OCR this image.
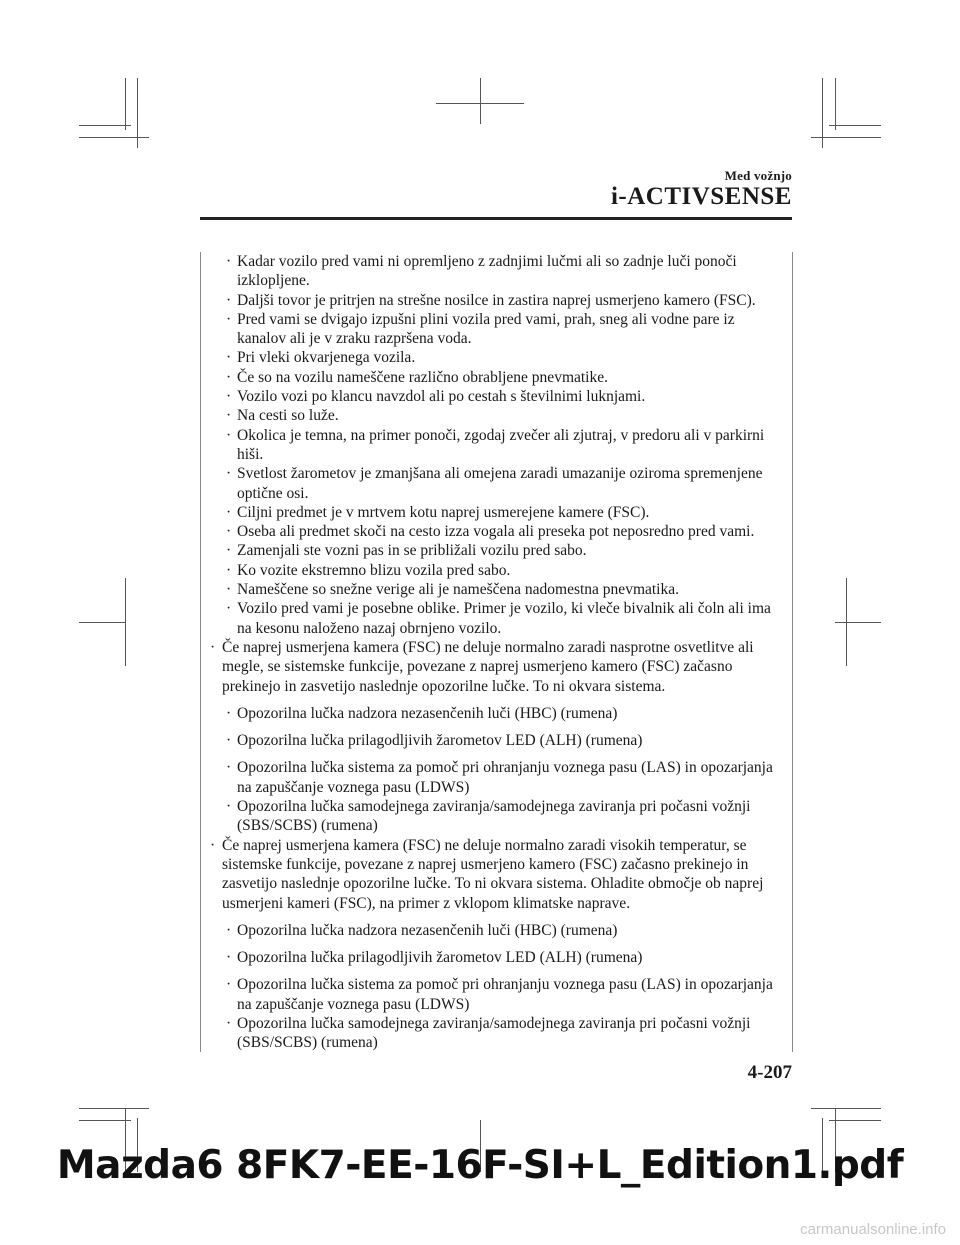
Med vožnjo
i-ACTIVSENSE

· Kadar vozilo pred vami ni opremljeno z zadnjimi lučmi ali so zadnje luči ponoči izklopljene.

· Daljši tovor je pritrjen na strešne nosilce in zastira naprej usmerjeno kamero (FSC).

· Pred vami se dvigajo izpušni plini vozila pred vami, prah, sneg ali vodne pare iz kanalov ali je v zraku razpršena voda.

· Pri vleki okvarjenega vozila.

· Če so na vozilu nameščene različno obrabljene pnevmatike.

· Vozilo vozi po klancu navzdol ali po cestah s številnimi luknjami.

· Na cesti so luže.

· Okolica je temna, na primer ponoči, zgodaj zvečer ali zjutraj, v predoru ali v parkirni hiši.

· Svetlost žarometov je zmanjšana ali omejena zaradi umazanije oziroma spremenjene optične osi.

· Ciljni predmet je v mrtvem kotu naprej usmerejene kamere (FSC).

· Oseba ali predmet skoči na cesto izza vogala ali preseka pot neposredno pred vami.

· Zamenjali ste vozni pas in se približali vozilu pred sabo.

· Ko vozite ekstremno blizu vozila pred sabo.

· Nameščene so snežne verige ali je nameščena nadomestna pnevmatika.

· Vozilo pred vami je posebne oblike. Primer je vozilo, ki vleče bivalnik ali čoln ali ima na kesonu naloženo nazaj obrnjeno vozilo.

· Če naprej usmerjena kamera (FSC) ne deluje normalno zaradi nasprotne osvetlitve ali megle, se sistemske funkcije, povezane z naprej usmerjeno kamero (FSC) začasno prekinejo in zasvetijo naslednje opozorilne lučke. To ni okvara sistema.

· Opozorilna lučka nadzora nezasenčenih luči (HBC) (rumena)

· Opozorilna lučka prilagodljivih žarometov LED (ALH) (rumena)

· Opozorilna lučka sistema za pomoč pri ohranjanju voznega pasu (LAS) in opozarjanja na zapuščanje voznega pasu (LDWS)

· Opozorilna lučka samodejnega zaviranja/samodejnega zaviranja pri počasni vožnji (SBS/SCBS) (rumena)

· Če naprej usmerjena kamera (FSC) ne deluje normalno zaradi visokih temperatur, se sistemske funkcije, povezane z naprej usmerjeno kamero (FSC) začasno prekinejo in zasvetijo naslednje opozorilne lučke. To ni okvara sistema. Ohladite območje ob naprej usmerjeni kameri (FSC), na primer z vklopom klimatske naprave.

· Opozorilna lučka nadzora nezasenčenih luči (HBC) (rumena)

· Opozorilna lučka prilagodljivih žarometov LED (ALH) (rumena)

· Opozorilna lučka sistema za pomoč pri ohranjanju voznega pasu (LAS) in opozarjanja na zapuščanje voznega pasu (LDWS)

· Opozorilna lučka samodejnega zaviranja/samodejnega zaviranja pri počasni vožnji (SBS/SCBS) (rumena)

4-207
Mazda6 8FK7-EE-16F-SI+L_Edition1.pdf
carmanualsonline.info
